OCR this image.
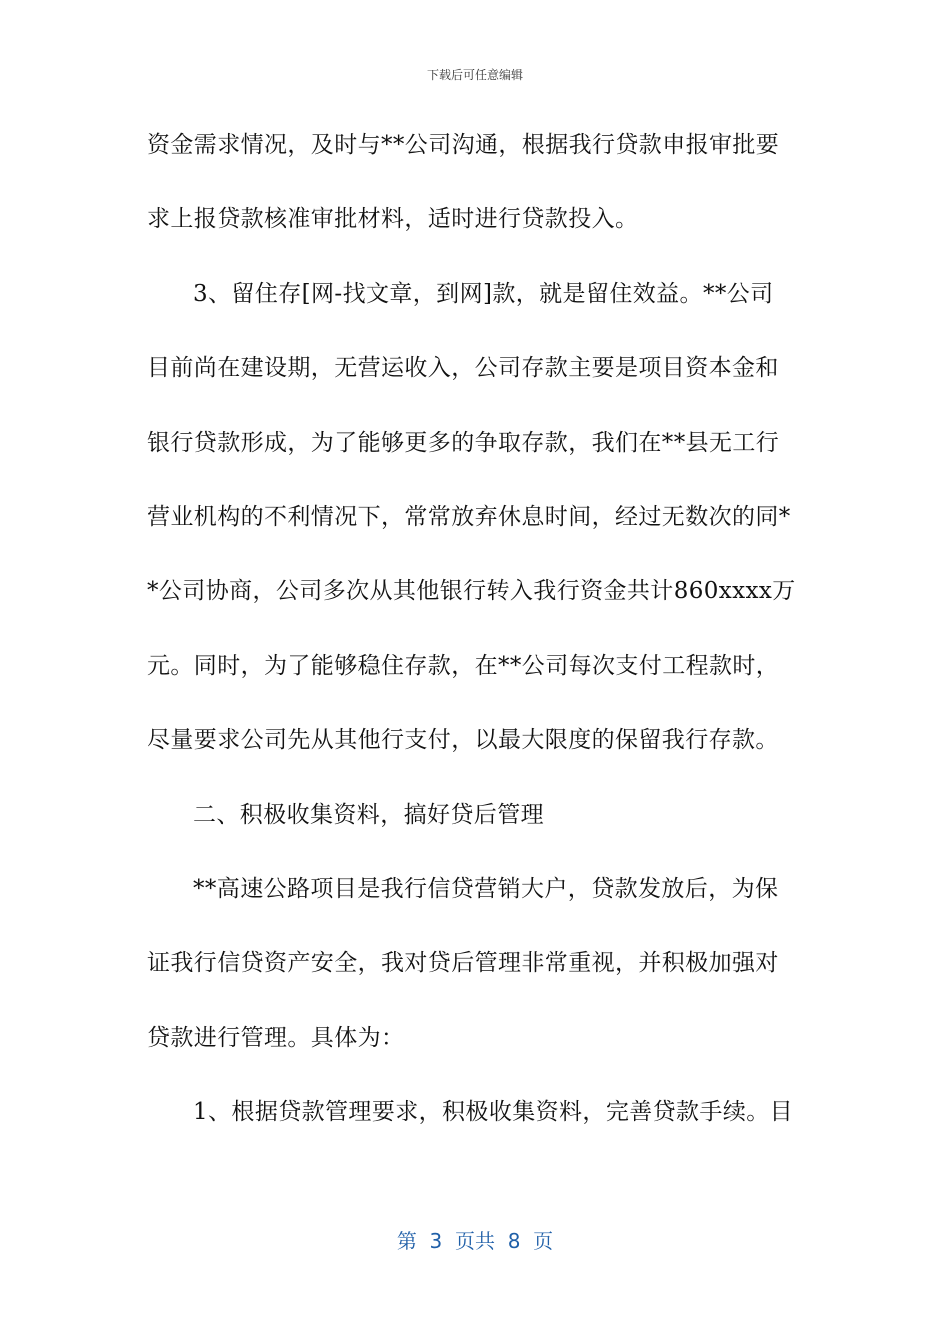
下载后可任意编辑
资金需求情况，及时与**公司沟通，根据我行贷款申报审批要
求上报贷款核准审批材料，适时进行贷款投入。
3、留住存[网-找文章，到网]款，就是留住效益。**公司
目前尚在建设期，无营运收入，公司存款主要是项目资本金和
银行贷款形成，为了能够更多的争取存款，我们在**县无工行
营业机构的不利情况下，常常放弃休息时间，经过无数次的同*
*公司协商，公司多次从其他银行转入我行资金共计860xxxx万
元。同时，为了能够稳住存款，在**公司每次支付工程款时，
尽量要求公司先从其他行支付，以最大限度的保留我行存款。
二、积极收集资料，搞好贷后管理
**高速公路项目是我行信贷营销大户，贷款发放后，为保
证我行信贷资产安全，我对贷后管理非常重视，并积极加强对
贷款进行管理。具体为：
1、根据贷款管理要求，积极收集资料，完善贷款手续。目
第  3  页共  8  页
